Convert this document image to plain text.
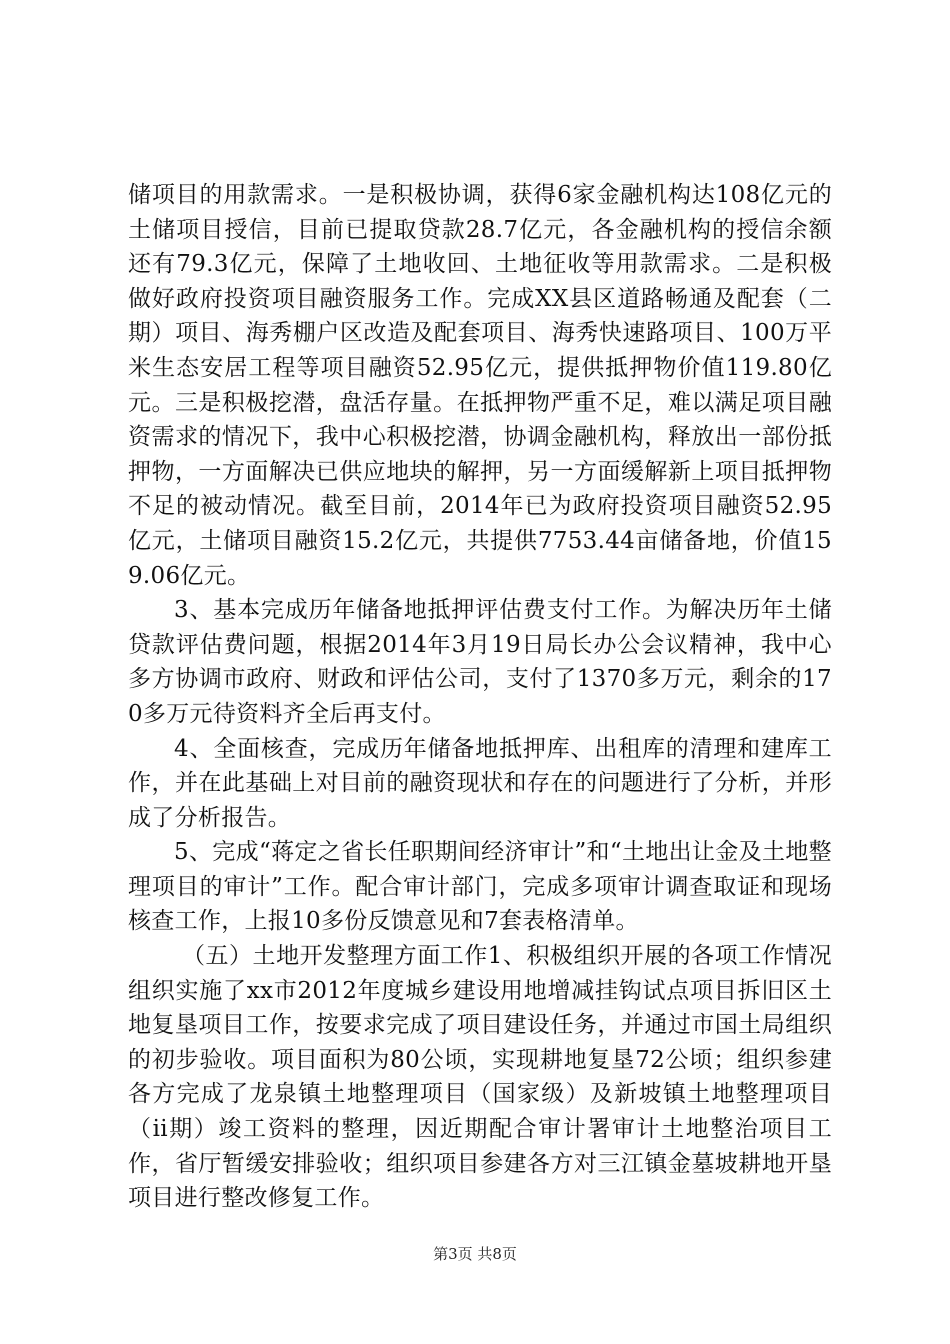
储项目的用款需求。一是积极协调，获得6家金融机构达108亿元的土储项目授信，目前已提取贷款28.7亿元，各金融机构的授信余额还有79.3亿元，保障了土地收回、土地征收等用款需求。二是积极做好政府投资项目融资服务工作。完成XX县区道路畅通及配套（二期）项目、海秀棚户区改造及配套项目、海秀快速路项目、100万平米生态安居工程等项目融资52.95亿元，提供抵押物价值119.80亿元。三是积极挖潜，盘活存量。在抵押物严重不足，难以满足项目融资需求的情况下，我中心积极挖潜，协调金融机构，释放出一部份抵押物，一方面解决已供应地块的解押，另一方面缓解新上项目抵押物不足的被动情况。截至目前，2014年已为政府投资项目融资52.95亿元，土储项目融资15.2亿元，共提供7753.44亩储备地，价值159.06亿元。

3、基本完成历年储备地抵押评估费支付工作。为解决历年土储贷款评估费问题，根据2014年3月19日局长办公会议精神，我中心多方协调市政府、财政和评估公司，支付了1370多万元，剩余的170多万元待资料齐全后再支付。

4、全面核查，完成历年储备地抵押库、出租库的清理和建库工作，并在此基础上对目前的融资现状和存在的问题进行了分析，并形成了分析报告。

5、完成“蒋定之省长任职期间经济审计”和“土地出让金及土地整理项目的审计”工作。配合审计部门，完成多项审计调查取证和现场核查工作，上报10多份反馈意见和7套表格清单。

（五）土地开发整理方面工作1、积极组织开展的各项工作情况组织实施了xx市2012年度城乡建设用地增减挂钩试点项目拆旧区土地复垦项目工作，按要求完成了项目建设任务，并通过市国土局组织的初步验收。项目面积为80公顷，实现耕地复垦72公顷；组织参建各方完成了龙泉镇土地整理项目（国家级）及新坡镇土地整理项目（ii期）竣工资料的整理，因近期配合审计署审计土地整治项目工作，省厅暂缓安排验收；组织项目参建各方对三江镇金墓坡耕地开垦项目进行整改修复工作。

第3页 共8页
